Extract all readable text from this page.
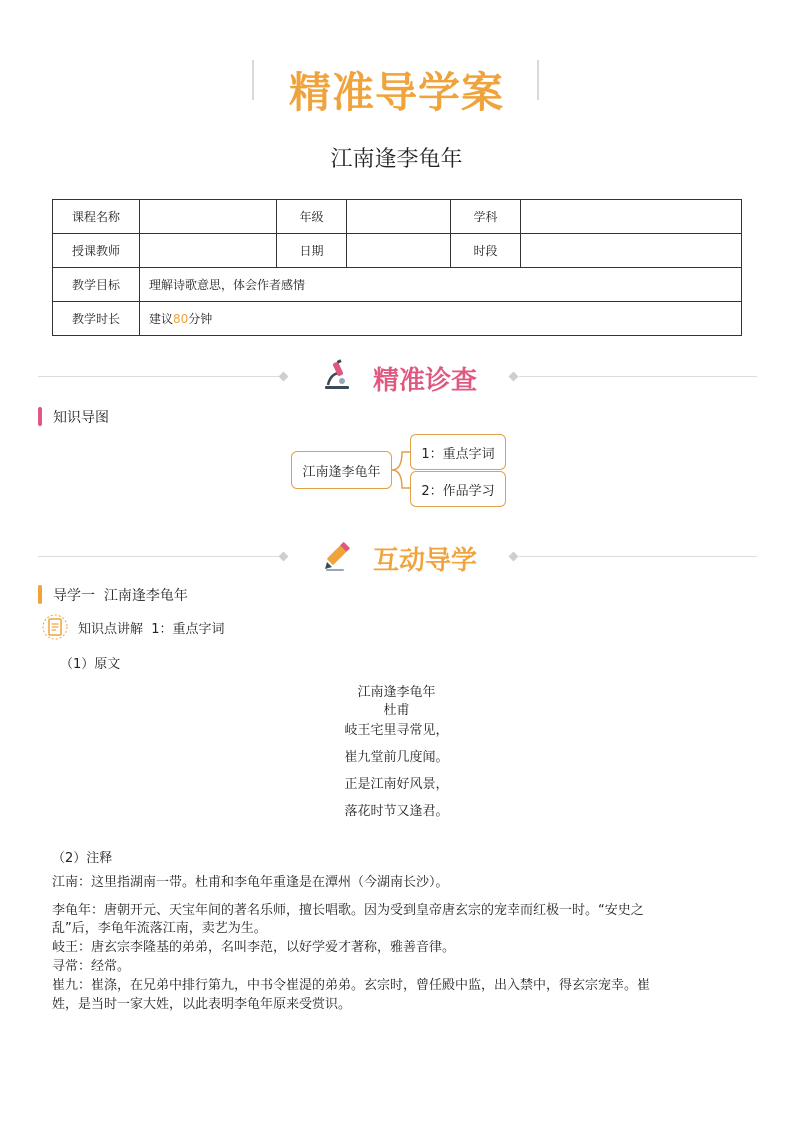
精准导学案
江南逢李龟年
课程名称		年级		学科	
授课教师		日期		时段	
教学目标	理解诗歌意思，体会作者感情				
教学时长	建议80分钟				
精准诊查
知识导图
江南逢李龟年
1：重点字词
2：作品学习
互动导学
导学一 江南逢李龟年
知识点讲解 1：重点字词
（1）原文
江南逢李龟年
杜甫
岐王宅里寻常见，
崔九堂前几度闻。
正是江南好风景，
落花时节又逢君。
（2）注释
江南：这里指湖南一带。杜甫和李龟年重逢是在潭州（今湖南长沙）。
李龟年：唐朝开元、天宝年间的著名乐师，擅长唱歌。因为受到皇帝唐玄宗的宠幸而红极一时。“安史之
乱”后，李龟年流落江南，卖艺为生。
岐王：唐玄宗李隆基的弟弟，名叫李范，以好学爱才著称，雅善音律。
寻常：经常。
崔九：崔涤，在兄弟中排行第九，中书令崔湜的弟弟。玄宗时，曾任殿中监，出入禁中，得玄宗宠幸。崔
姓，是当时一家大姓，以此表明李龟年原来受赏识。
